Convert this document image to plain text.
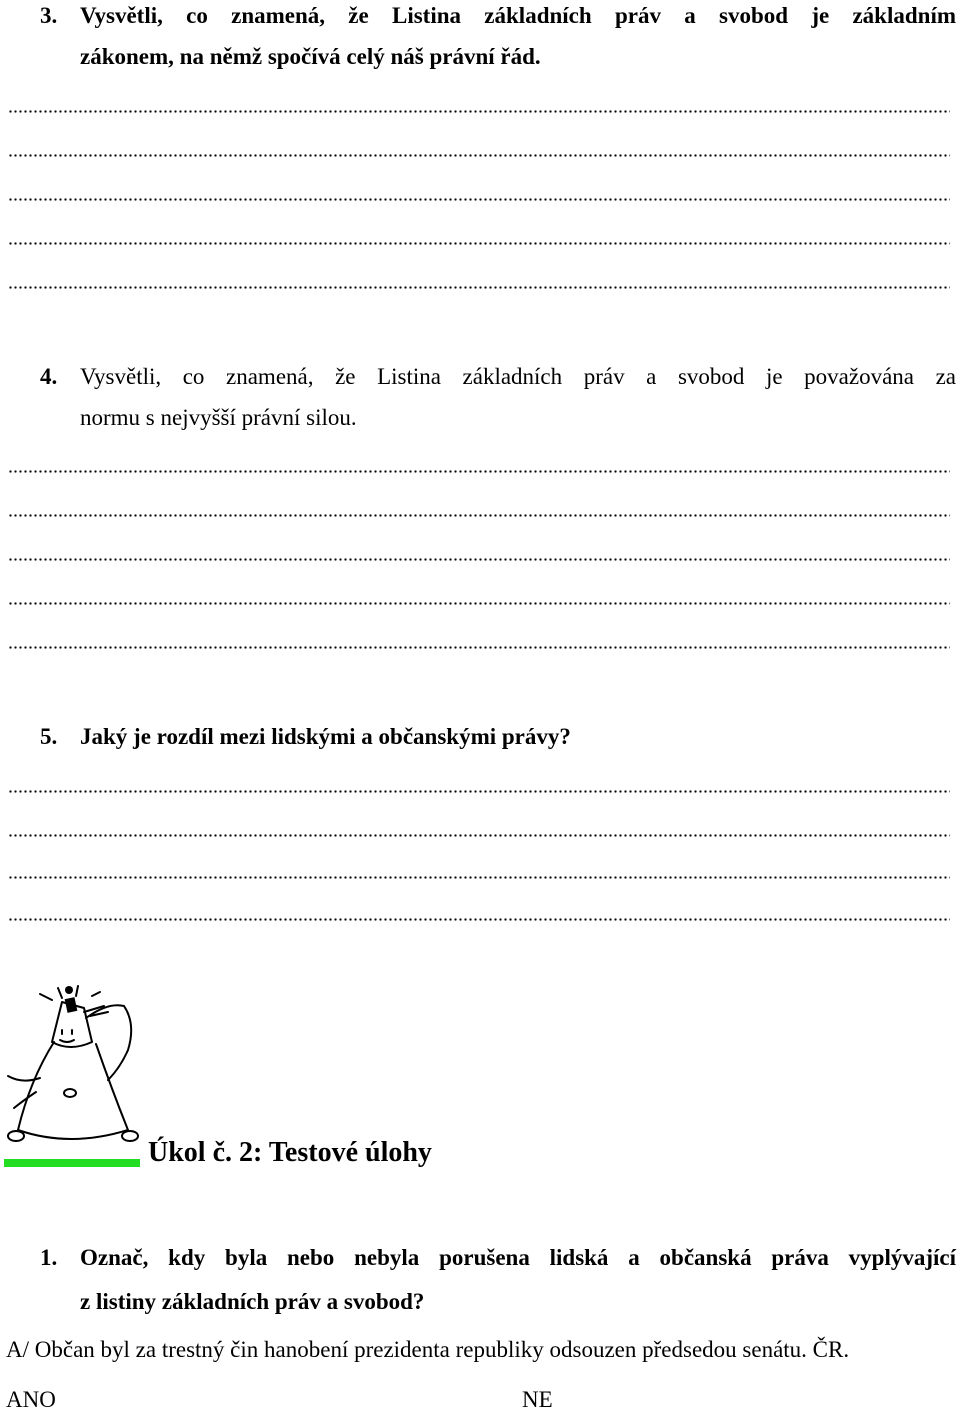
3. Vysvětli, co znamená, že Listina základních práv a svobod je základním
zákonem, na němž spočívá celý náš právní řád.
4. Vysvětli, co znamená, že Listina základních práv a svobod je považována za
normu s nejvyšší právní silou.
5. Jaký je rozdíl mezi lidskými a občanskými právy?
Úkol č. 2: Testové úlohy
1. Označ, kdy byla nebo nebyla porušena lidská a občanská práva vyplývající
z listiny základních práv a svobod?
A/ Občan byl za trestný čin hanobení prezidenta republiky odsouzen předsedou senátu. ČR.
ANO	NE
